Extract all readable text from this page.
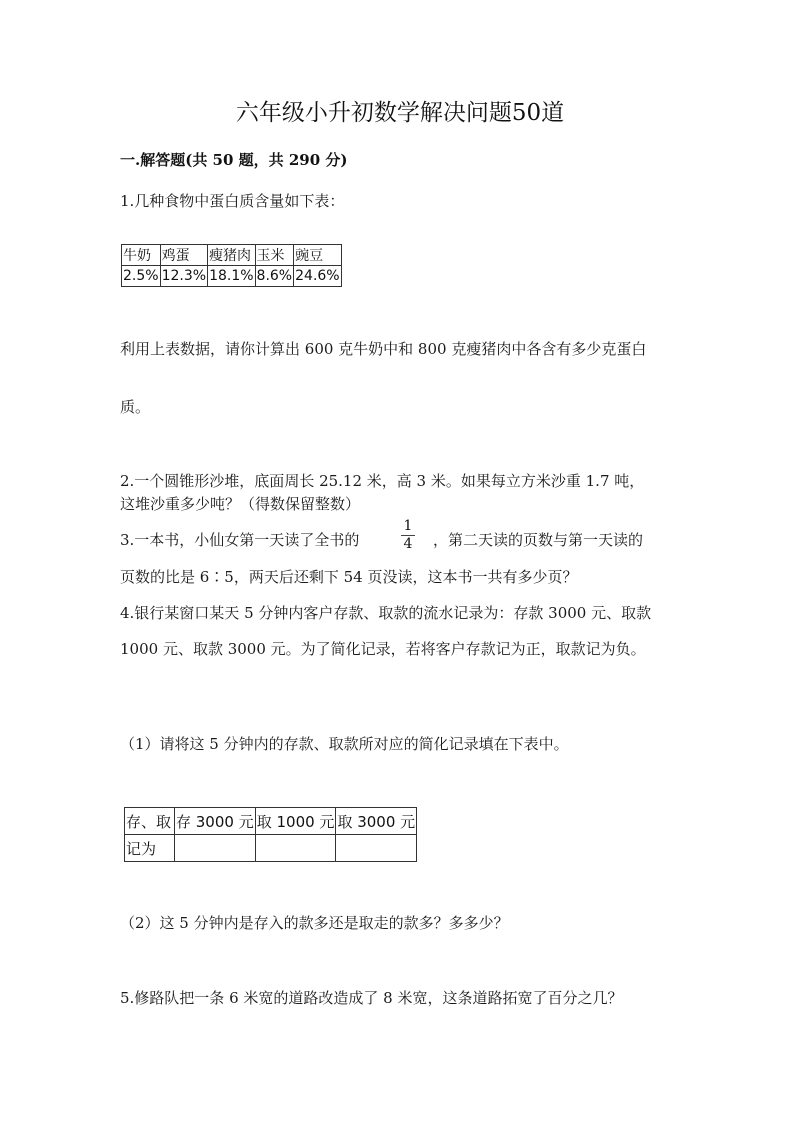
六年级小升初数学解决问题50道
一.解答题(共 50 题，共 290 分)
1.几种食物中蛋白质含量如下表：
牛奶	鸡蛋	瘦猪肉	玉米	豌豆
2.5%	12.3%	18.1%	8.6%	24.6%
利用上表数据，请你计算出 600 克牛奶中和 800 克瘦猪肉中各含有多少克蛋白
质。
2.一个圆锥形沙堆，底面周长 25.12 米，高 3 米。如果每立方米沙重 1.7 吨，
这堆沙重多少吨？（得数保留整数）
3.一本书，小仙女第一天读了全书的
1
4 ，第二天读的页数与第一天读的
页数的比是 6∶5，两天后还剩下 54 页没读，这本书一共有多少页？
4.银行某窗口某天 5 分钟内客户存款、取款的流水记录为：存款 3000 元、取款
1000 元、取款 3000 元。为了简化记录，若将客户存款记为正，取款记为负。
（1）请将这 5 分钟内的存款、取款所对应的简化记录填在下表中。
存、取	存 3000 元	取 1000 元	取 3000 元
记为			
（2）这 5 分钟内是存入的款多还是取走的款多？多多少？
5.修路队把一条 6 米宽的道路改造成了 8 米宽，这条道路拓宽了百分之几？
